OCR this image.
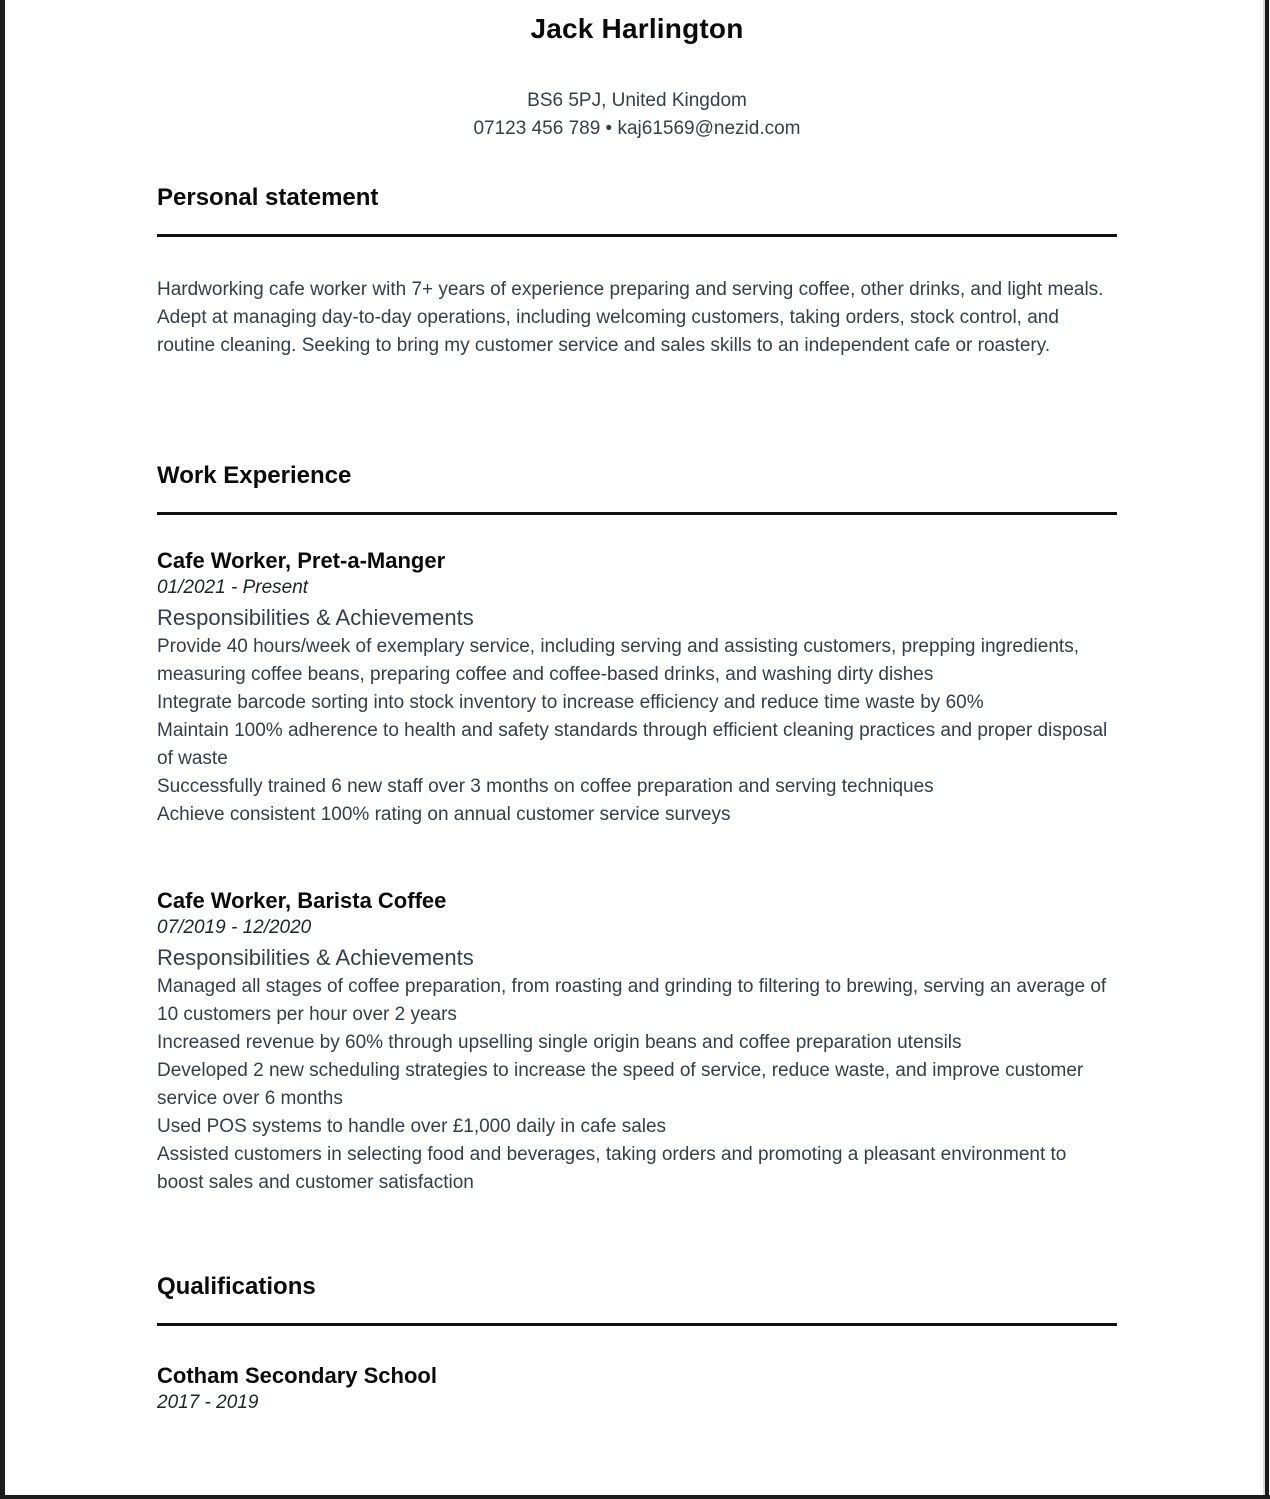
Jack Harlington
BS6 5PJ, United Kingdom
07123 456 789 • kaj61569@nezid.com
Personal statement

Hardworking cafe worker with 7+ years of experience preparing and serving coffee, other drinks, and light meals. Adept at managing day-to-day operations, including welcoming customers, taking orders, stock control, and routine cleaning. Seeking to bring my customer service and sales skills to an independent cafe or roastery.

Work Experience
Cafe Worker, Pret-a-Manger
01/2021 - Present
Responsibilities & Achievements

Provide 40 hours/week of exemplary service, including serving and assisting customers, prepping ingredients, measuring coffee beans, preparing coffee and coffee-based drinks, and washing dirty dishes

Integrate barcode sorting into stock inventory to increase efficiency and reduce time waste by 60%

Maintain 100% adherence to health and safety standards through efficient cleaning practices and proper disposal of waste

Successfully trained 6 new staff over 3 months on coffee preparation and serving techniques

Achieve consistent 100% rating on annual customer service surveys

Cafe Worker, Barista Coffee
07/2019 - 12/2020
Responsibilities & Achievements

Managed all stages of coffee preparation, from roasting and grinding to filtering to brewing, serving an average of 10 customers per hour over 2 years

Increased revenue by 60% through upselling single origin beans and coffee preparation utensils

Developed 2 new scheduling strategies to increase the speed of service, reduce waste, and improve customer service over 6 months

Used POS systems to handle over £1,000 daily in cafe sales

Assisted customers in selecting food and beverages, taking orders and promoting a pleasant environment to boost sales and customer satisfaction

Qualifications
Cotham Secondary School
2017 - 2019
